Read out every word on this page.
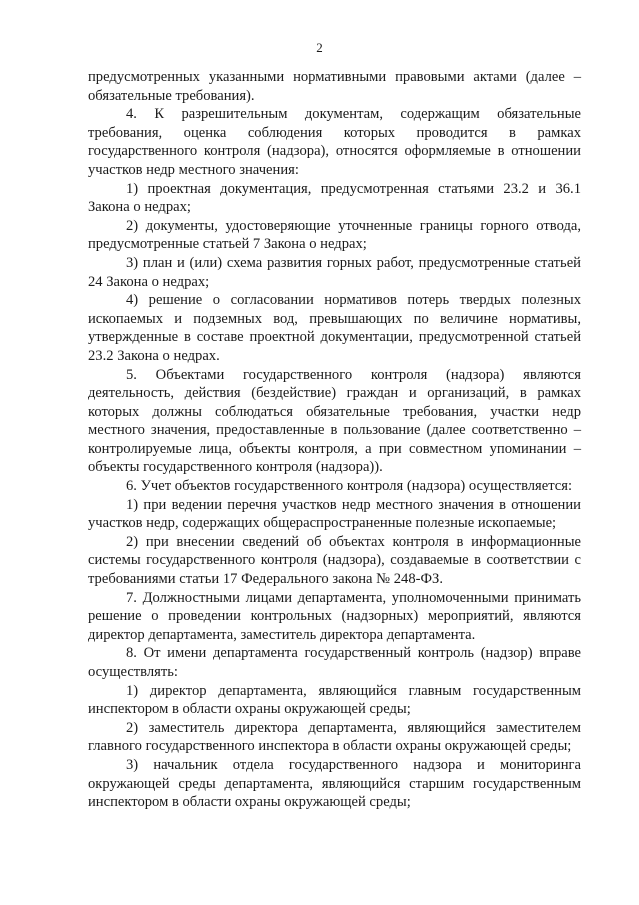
2

предусмотренных указанными нормативными правовыми актами (далее – обязательные требования).

4. К разрешительным документам, содержащим обязательные требования, оценка соблюдения которых проводится в рамках государственного контроля (надзора), относятся оформляемые в отношении участков недр местного значения:

1) проектная документация, предусмотренная статьями 23.2 и 36.1 Закона о недрах;

2) документы, удостоверяющие уточненные границы горного отвода, предусмотренные статьей 7 Закона о недрах;

3) план и (или) схема развития горных работ, предусмотренные статьей 24 Закона о недрах;

4) решение о согласовании нормативов потерь твердых полезных ископаемых и подземных вод, превышающих по величине нормативы, утвержденные в составе проектной документации, предусмотренной статьей 23.2 Закона о недрах.

5. Объектами государственного контроля (надзора) являются деятельность, действия (бездействие) граждан и организаций, в рамках которых должны соблюдаться обязательные требования, участки недр местного значения, предоставленные в пользование (далее соответственно – контролируемые лица, объекты контроля, а при совместном упоминании – объекты государственного контроля (надзора)).

6. Учет объектов государственного контроля (надзора) осуществляется:

1) при ведении перечня участков недр местного значения в отношении участков недр, содержащих общераспространенные полезные ископаемые;

2) при внесении сведений об объектах контроля в информационные системы государственного контроля (надзора), создаваемые в соответствии с требованиями статьи 17 Федерального закона № 248-ФЗ.

7. Должностными лицами департамента, уполномоченными принимать решение о проведении контрольных (надзорных) мероприятий, являются директор департамента, заместитель директора департамента.

8. От имени департамента государственный контроль (надзор) вправе осуществлять:

1) директор департамента, являющийся главным государственным инспектором в области охраны окружающей среды;

2) заместитель директора департамента, являющийся заместителем главного государственного инспектора в области охраны окружающей среды;

3) начальник отдела государственного надзора и мониторинга окружающей среды департамента, являющийся старшим государственным инспектором в области охраны окружающей среды;
